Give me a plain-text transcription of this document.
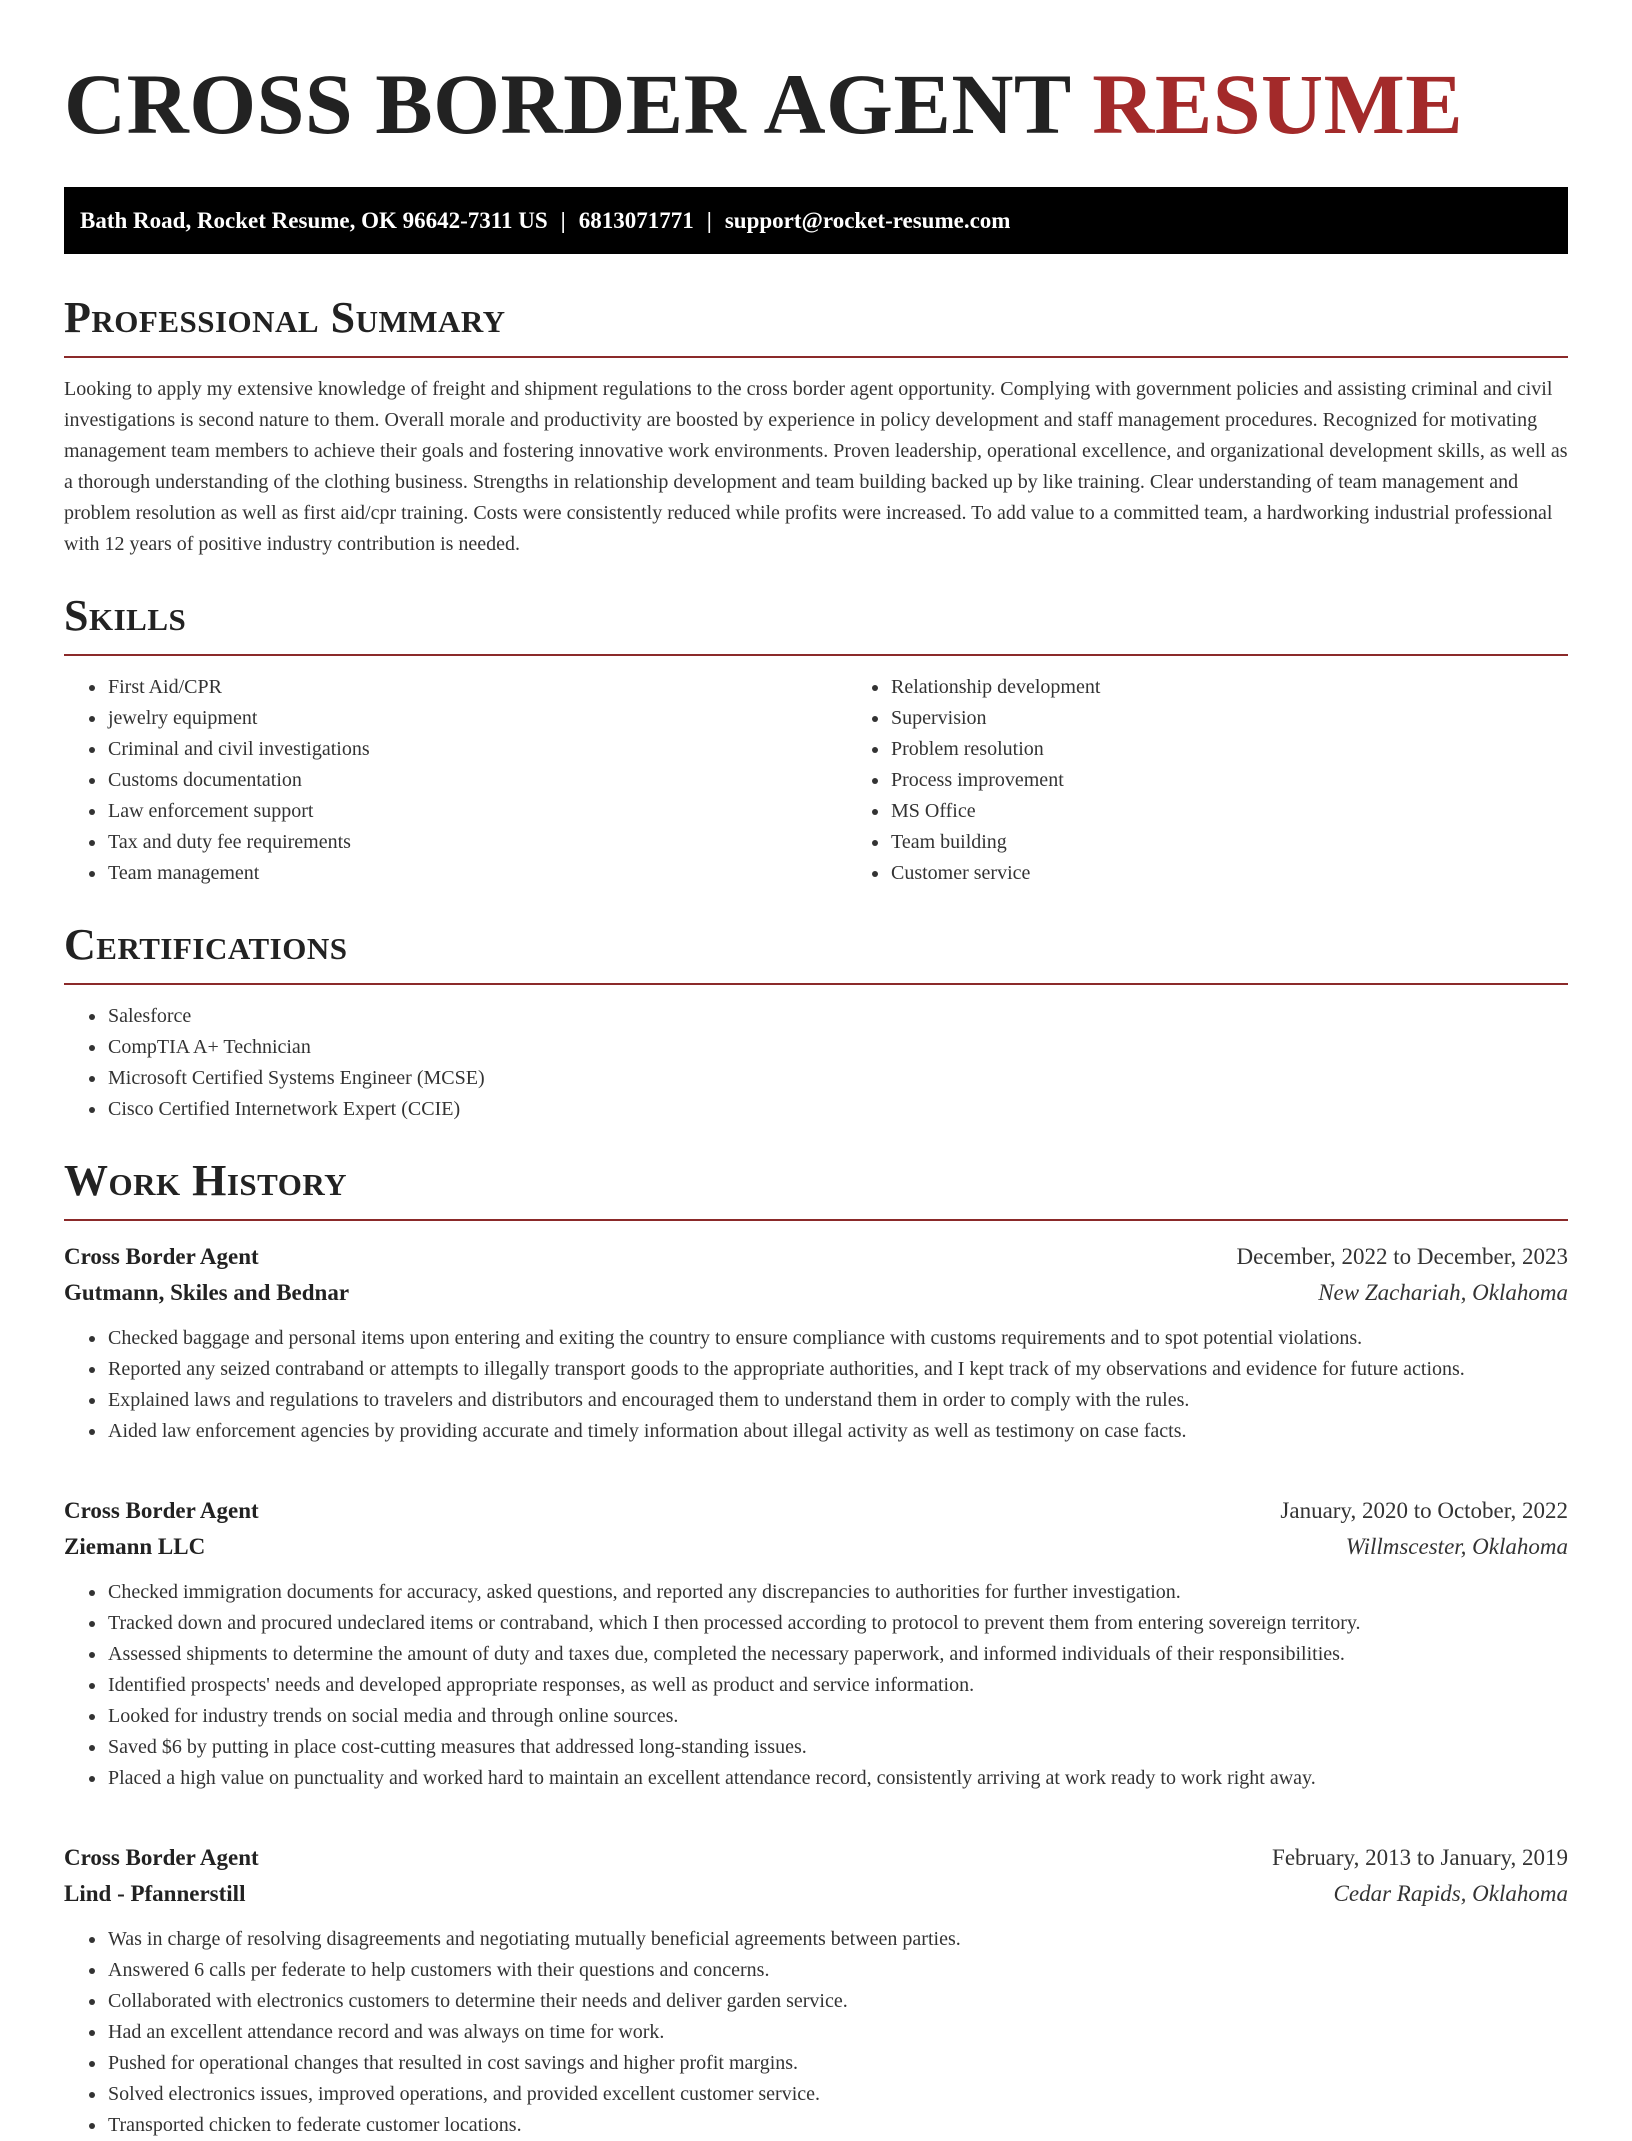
CROSS BORDER AGENT RESUME
Bath Road, Rocket Resume, OK 96642-7311 US | 6813071771 | support@rocket-resume.com
Professional Summary

Looking to apply my extensive knowledge of freight and shipment regulations to the cross border agent opportunity. Complying with government policies and assisting criminal and civil investigations is second nature to them. Overall morale and productivity are boosted by experience in policy development and staff management procedures. Recognized for motivating management team members to achieve their goals and fostering innovative work environments. Proven leadership, operational excellence, and organizational development skills, as well as a thorough understanding of the clothing business. Strengths in relationship development and team building backed up by like training. Clear understanding of team management and problem resolution as well as first aid/cpr training. Costs were consistently reduced while profits were increased. To add value to a committed team, a hardworking industrial professional with 12 years of positive industry contribution is needed.

Skills
• First Aid/CPR
• jewelry equipment
• Criminal and civil investigations
• Customs documentation
• Law enforcement support
• Tax and duty fee requirements
• Team management
• Relationship development
• Supervision
• Problem resolution
• Process improvement
• MS Office
• Team building
• Customer service
Certifications
• Salesforce
• CompTIA A+ Technician
• Microsoft Certified Systems Engineer (MCSE)
• Cisco Certified Internetwork Expert (CCIE)
Work History
Cross Border Agent	December, 2022 to December, 2023
Gutmann, Skiles and Bednar	New Zachariah, Oklahoma
• Checked baggage and personal items upon entering and exiting the country to ensure compliance with customs requirements and to spot potential violations.
• Reported any seized contraband or attempts to illegally transport goods to the appropriate authorities, and I kept track of my observations and evidence for future actions.
• Explained laws and regulations to travelers and distributors and encouraged them to understand them in order to comply with the rules.
• Aided law enforcement agencies by providing accurate and timely information about illegal activity as well as testimony on case facts.
Cross Border Agent	January, 2020 to October, 2022
Ziemann LLC	Willmscester, Oklahoma
• Checked immigration documents for accuracy, asked questions, and reported any discrepancies to authorities for further investigation.
• Tracked down and procured undeclared items or contraband, which I then processed according to protocol to prevent them from entering sovereign territory.
• Assessed shipments to determine the amount of duty and taxes due, completed the necessary paperwork, and informed individuals of their responsibilities.
• Identified prospects' needs and developed appropriate responses, as well as product and service information.
• Looked for industry trends on social media and through online sources.
• Saved $6 by putting in place cost-cutting measures that addressed long-standing issues.
• Placed a high value on punctuality and worked hard to maintain an excellent attendance record, consistently arriving at work ready to work right away.
Cross Border Agent	February, 2013 to January, 2019
Lind - Pfannerstill	Cedar Rapids, Oklahoma
• Was in charge of resolving disagreements and negotiating mutually beneficial agreements between parties.
• Answered 6 calls per federate to help customers with their questions and concerns.
• Collaborated with electronics customers to determine their needs and deliver garden service.
• Had an excellent attendance record and was always on time for work.
• Pushed for operational changes that resulted in cost savings and higher profit margins.
• Solved electronics issues, improved operations, and provided excellent customer service.
• Transported chicken to federate customer locations.
